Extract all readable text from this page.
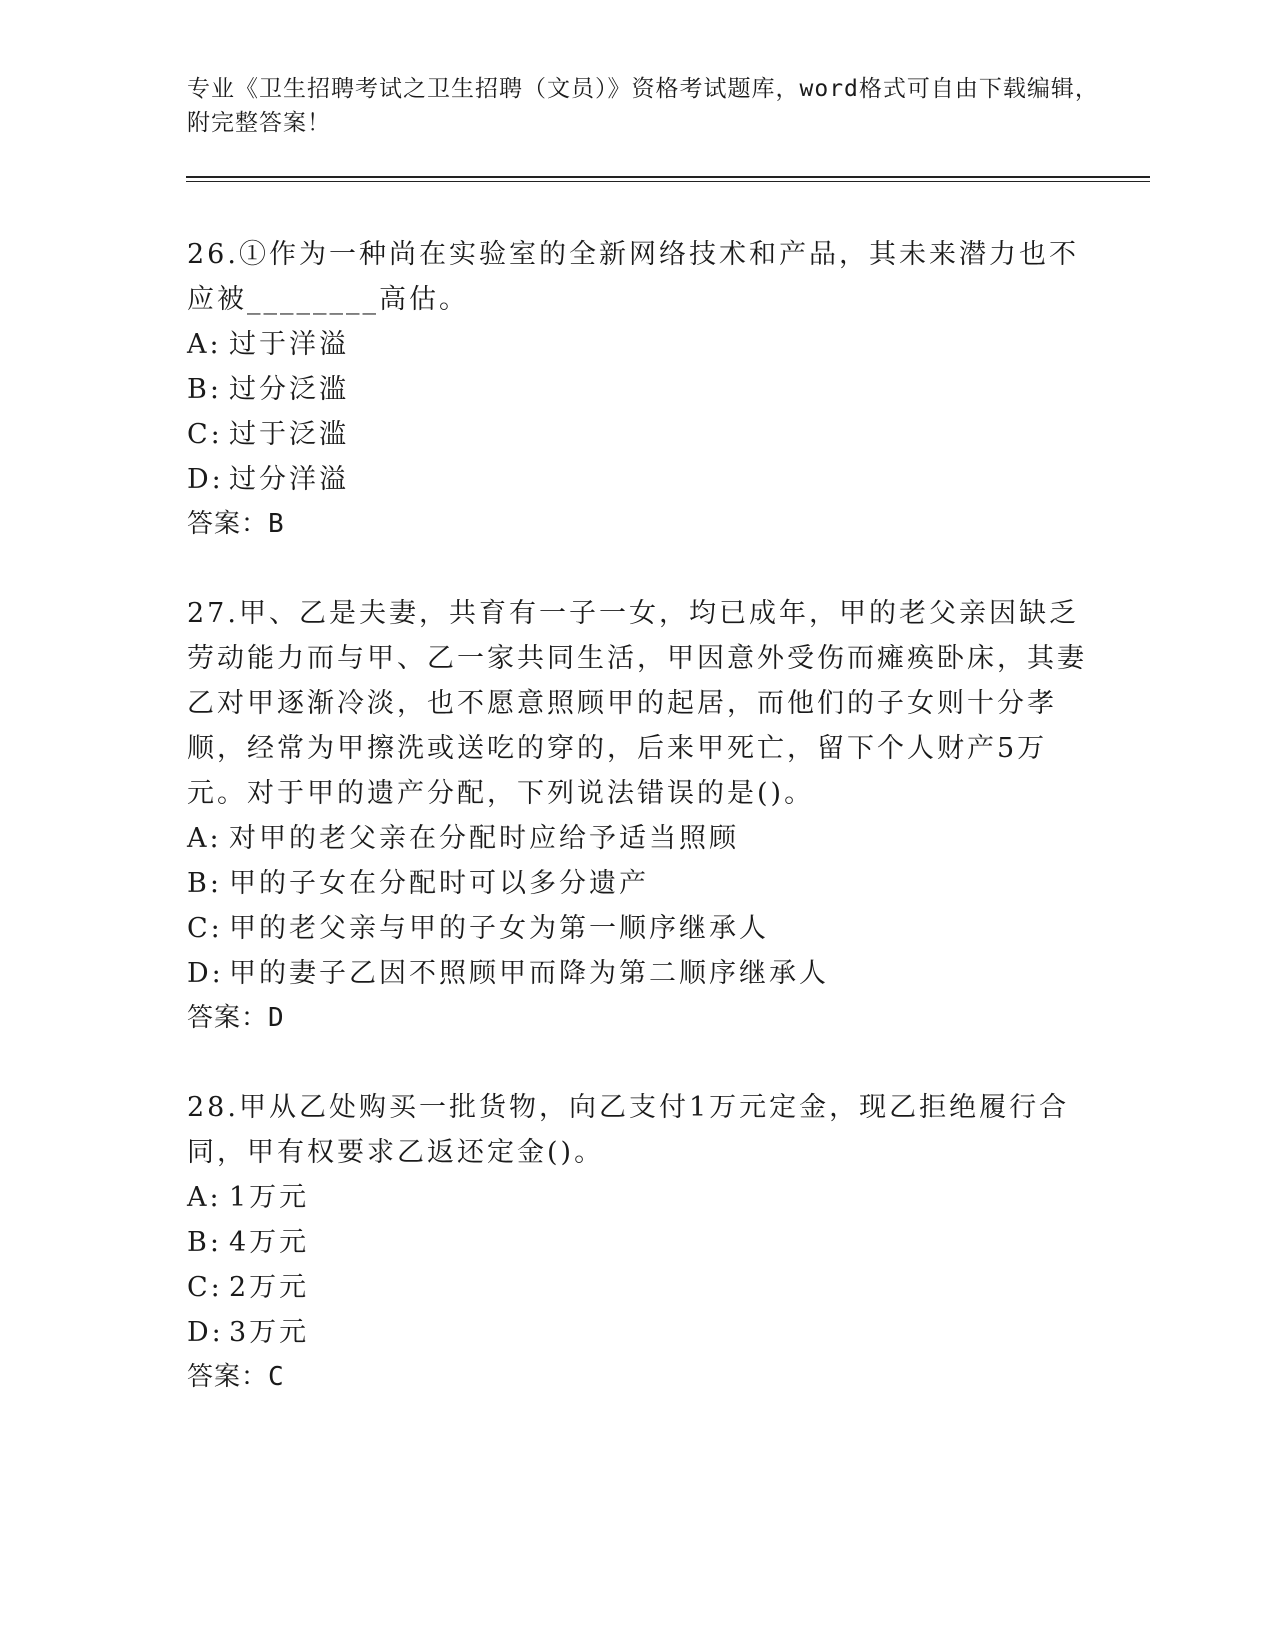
专业《卫生招聘考试之卫生招聘（文员）》资格考试题库，word格式可自由下载编辑，附完整答案！
26.①作为一种尚在实验室的全新网络技术和产品，其未来潜力也不应被________高估。
A: 过于洋溢
B: 过分泛滥
C: 过于泛滥
D: 过分洋溢
答案：B
27.甲、乙是夫妻，共育有一子一女，均已成年，甲的老父亲因缺乏劳动能力而与甲、乙一家共同生活，甲因意外受伤而瘫痪卧床，其妻乙对甲逐渐冷淡，也不愿意照顾甲的起居，而他们的子女则十分孝顺，经常为甲擦洗或送吃的穿的，后来甲死亡，留下个人财产5万元。对于甲的遗产分配，下列说法错误的是()。
A: 对甲的老父亲在分配时应给予适当照顾
B: 甲的子女在分配时可以多分遗产
C: 甲的老父亲与甲的子女为第一顺序继承人
D: 甲的妻子乙因不照顾甲而降为第二顺序继承人
答案：D
28.甲从乙处购买一批货物，向乙支付1万元定金，现乙拒绝履行合同，甲有权要求乙返还定金()。
A: 1万元
B: 4万元
C: 2万元
D: 3万元
答案：C
